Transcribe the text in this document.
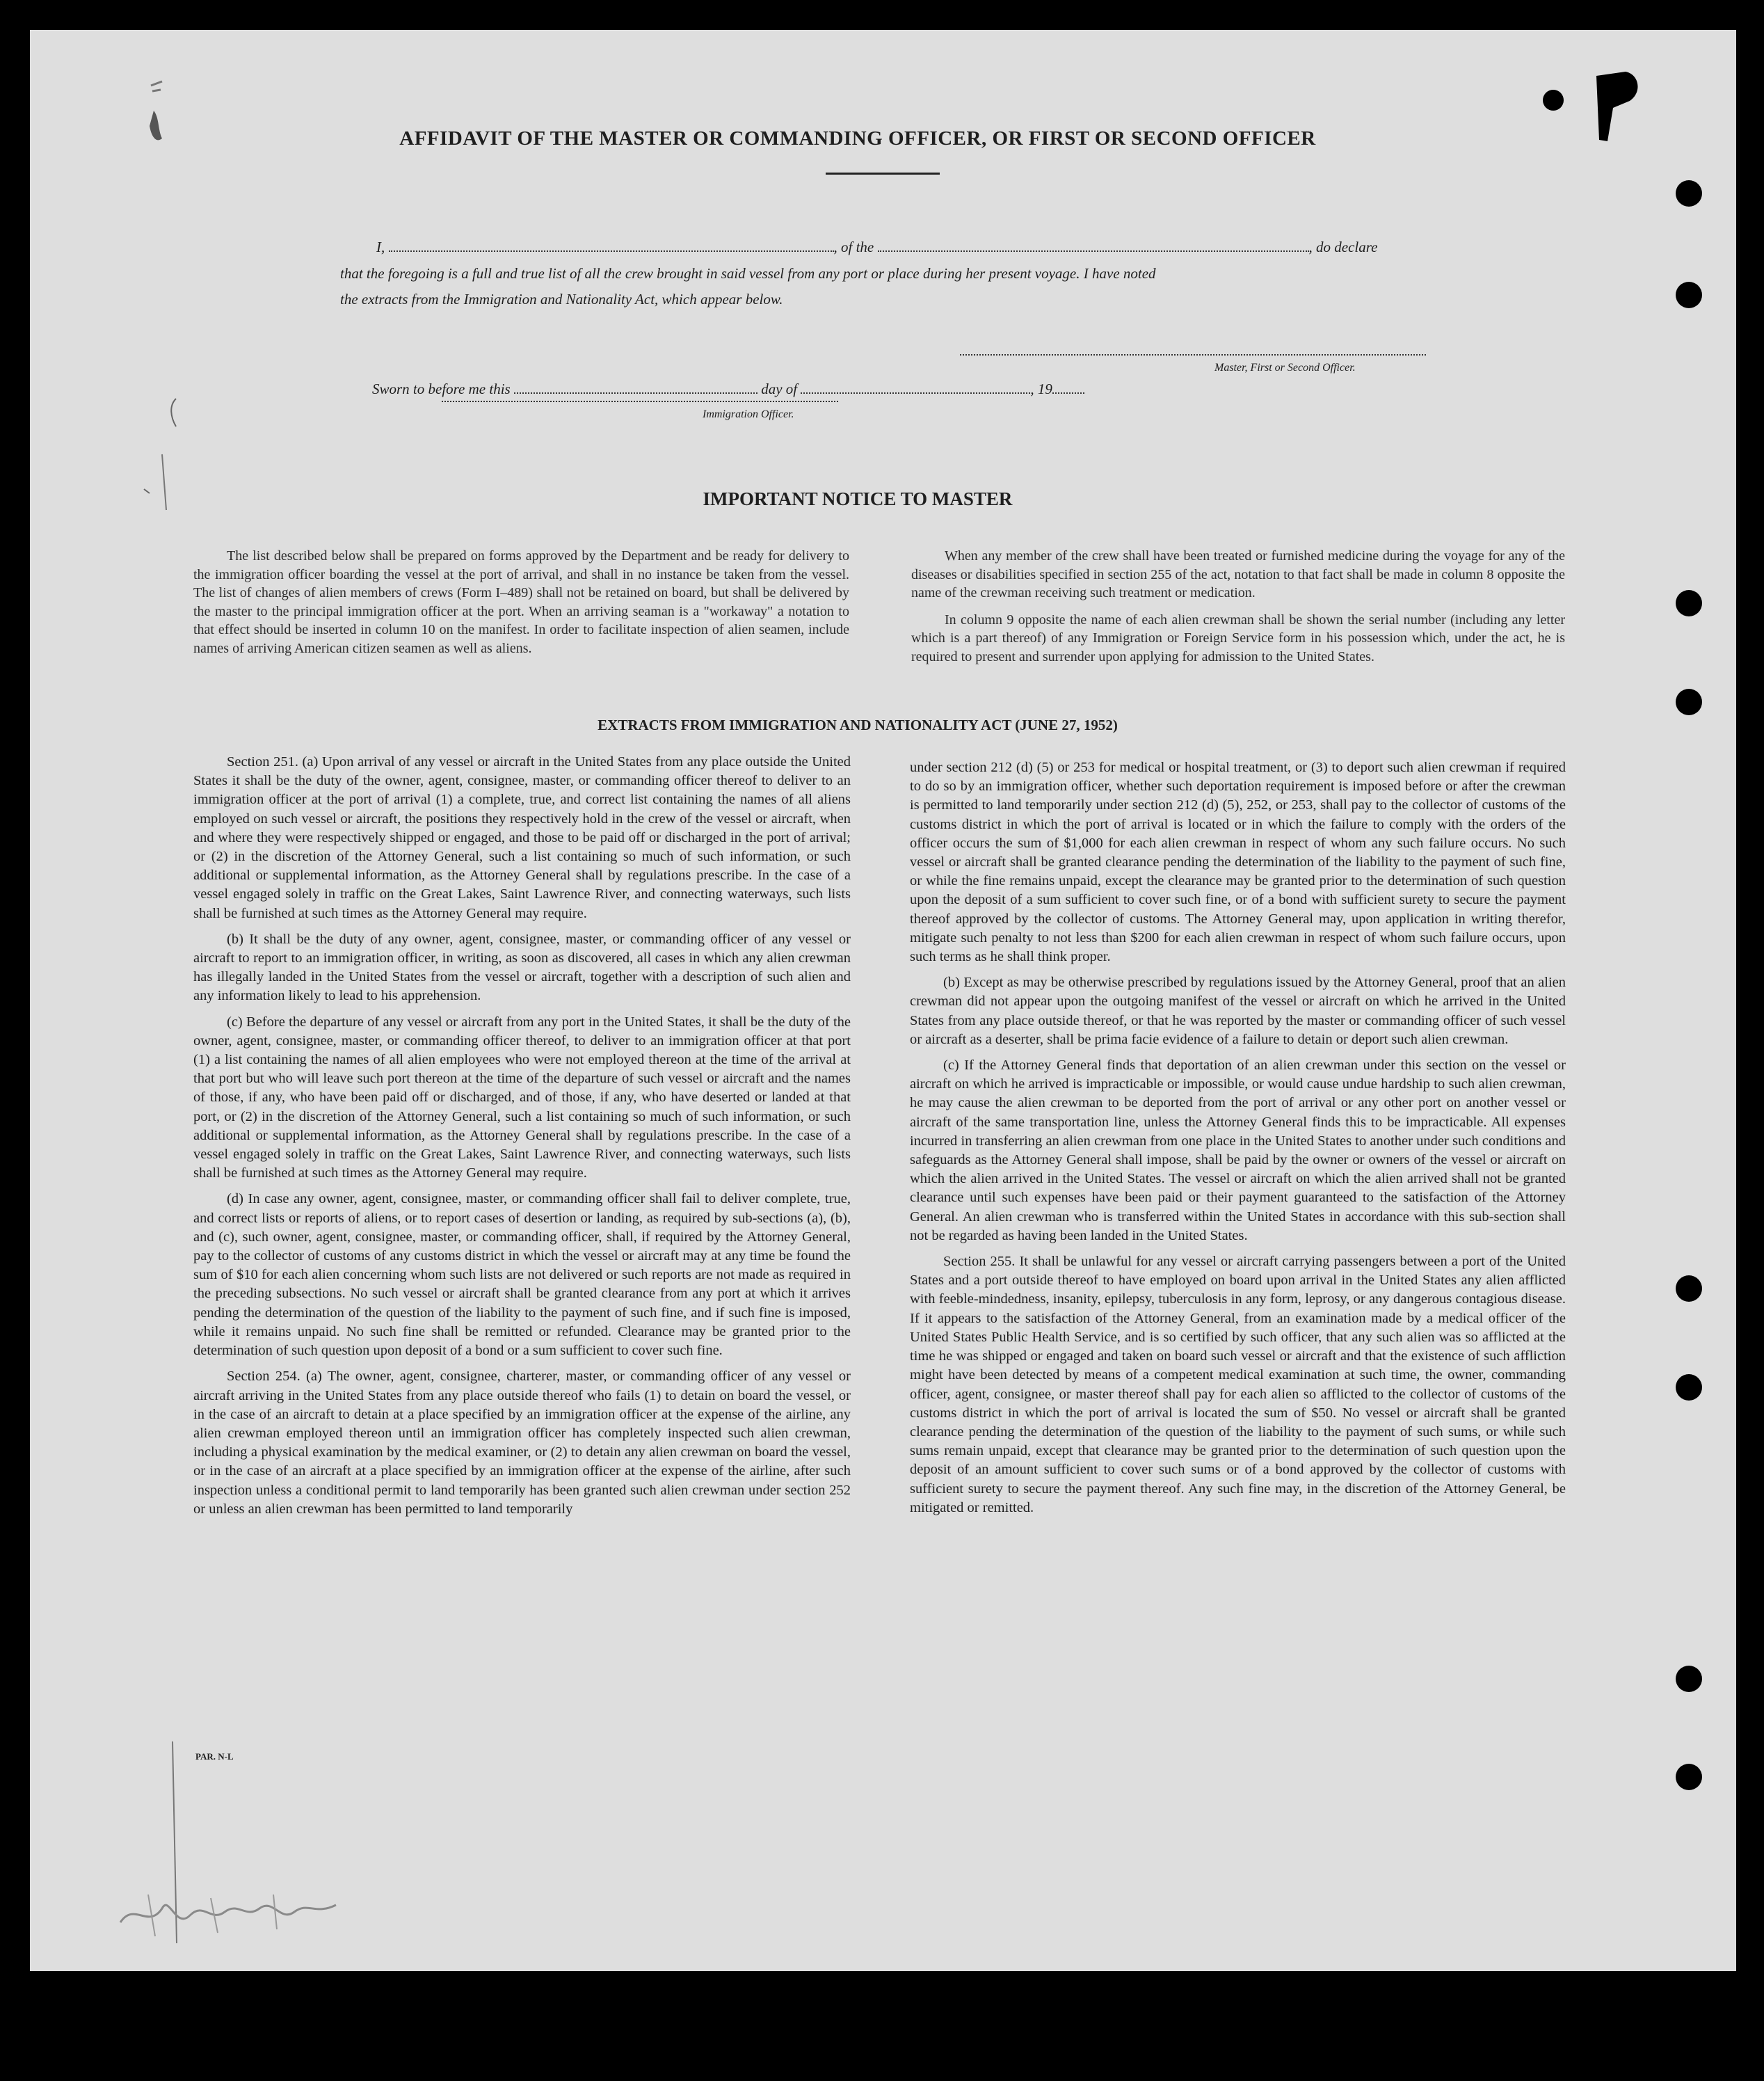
AFFIDAVIT OF THE MASTER OR COMMANDING OFFICER, OR FIRST OR SECOND OFFICER
I,	, of the	, do declare
that the foregoing is a full and true list of all the crew brought in said vessel from any port or place during her present voyage. I have noted
the extracts from the Immigration and Nationality Act, which appear below.
Master, First or Second Officer.
Sworn to before me this	day of	, 19
Immigration Officer.
IMPORTANT NOTICE TO MASTER

The list described below shall be prepared on forms approved by the Department and be ready for delivery to the immigration officer boarding the vessel at the port of arrival, and shall in no instance be taken from the vessel. The list of changes of alien members of crews (Form I–489) shall not be retained on board, but shall be delivered by the master to the principal immigration officer at the port. When an arriving seaman is a "workaway" a notation to that effect should be inserted in column 10 on the manifest. In order to facilitate inspection of alien seamen, include names of arriving American citizen seamen as well as aliens.

When any member of the crew shall have been treated or furnished medicine during the voyage for any of the diseases or disabilities specified in section 255 of the act, notation to that fact shall be made in column 8 opposite the name of the crewman receiving such treatment or medication.

In column 9 opposite the name of each alien crewman shall be shown the serial number (including any letter which is a part thereof) of any Immigration or Foreign Service form in his possession which, under the act, he is required to present and surrender upon applying for admission to the United States.

EXTRACTS FROM IMMIGRATION AND NATIONALITY ACT (JUNE 27, 1952)

Section 251. (a) Upon arrival of any vessel or aircraft in the United States from any place outside the United States it shall be the duty of the owner, agent, consignee, master, or commanding officer thereof to deliver to an immigration officer at the port of arrival (1) a complete, true, and correct list containing the names of all aliens employed on such vessel or aircraft, the positions they respectively hold in the crew of the vessel or aircraft, when and where they were respectively shipped or engaged, and those to be paid off or discharged in the port of arrival; or (2) in the discretion of the Attorney General, such a list containing so much of such information, or such additional or supplemental information, as the Attorney General shall by regulations prescribe. In the case of a vessel engaged solely in traffic on the Great Lakes, Saint Lawrence River, and connecting waterways, such lists shall be furnished at such times as the Attorney General may require.

(b) It shall be the duty of any owner, agent, consignee, master, or commanding officer of any vessel or aircraft to report to an immigration officer, in writing, as soon as discovered, all cases in which any alien crewman has illegally landed in the United States from the vessel or aircraft, together with a description of such alien and any information likely to lead to his apprehension.

(c) Before the departure of any vessel or aircraft from any port in the United States, it shall be the duty of the owner, agent, consignee, master, or commanding officer thereof, to deliver to an immigration officer at that port (1) a list containing the names of all alien employees who were not employed thereon at the time of the arrival at that port but who will leave such port thereon at the time of the departure of such vessel or aircraft and the names of those, if any, who have been paid off or discharged, and of those, if any, who have deserted or landed at that port, or (2) in the discretion of the Attorney General, such a list containing so much of such information, or such additional or supplemental information, as the Attorney General shall by regulations prescribe. In the case of a vessel engaged solely in traffic on the Great Lakes, Saint Lawrence River, and connecting waterways, such lists shall be furnished at such times as the Attorney General may require.

(d) In case any owner, agent, consignee, master, or commanding officer shall fail to deliver complete, true, and correct lists or reports of aliens, or to report cases of desertion or landing, as required by sub-sections (a), (b), and (c), such owner, agent, consignee, master, or commanding officer, shall, if required by the Attorney General, pay to the collector of customs of any customs district in which the vessel or aircraft may at any time be found the sum of $10 for each alien concerning whom such lists are not delivered or such reports are not made as required in the preceding subsections. No such vessel or aircraft shall be granted clearance from any port at which it arrives pending the determination of the question of the liability to the payment of such fine, and if such fine is imposed, while it remains unpaid. No such fine shall be remitted or refunded. Clearance may be granted prior to the determination of such question upon deposit of a bond or a sum sufficient to cover such fine.

Section 254. (a) The owner, agent, consignee, charterer, master, or commanding officer of any vessel or aircraft arriving in the United States from any place outside thereof who fails (1) to detain on board the vessel, or in the case of an aircraft to detain at a place specified by an immigration officer at the expense of the airline, any alien crewman employed thereon until an immigration officer has completely inspected such alien crewman, including a physical examination by the medical examiner, or (2) to detain any alien crewman on board the vessel, or in the case of an aircraft at a place specified by an immigration officer at the expense of the airline, after such inspection unless a conditional permit to land temporarily has been granted such alien crewman under section 252 or unless an alien crewman has been permitted to land temporarily

under section 212 (d) (5) or 253 for medical or hospital treatment, or (3) to deport such alien crewman if required to do so by an immigration officer, whether such deportation requirement is imposed before or after the crewman is permitted to land temporarily under section 212 (d) (5), 252, or 253, shall pay to the collector of customs of the customs district in which the port of arrival is located or in which the failure to comply with the orders of the officer occurs the sum of $1,000 for each alien crewman in respect of whom any such failure occurs. No such vessel or aircraft shall be granted clearance pending the determination of the liability to the payment of such fine, or while the fine remains unpaid, except the clearance may be granted prior to the determination of such question upon the deposit of a sum sufficient to cover such fine, or of a bond with sufficient surety to secure the payment thereof approved by the collector of customs. The Attorney General may, upon application in writing therefor, mitigate such penalty to not less than $200 for each alien crewman in respect of whom such failure occurs, upon such terms as he shall think proper.

(b) Except as may be otherwise prescribed by regulations issued by the Attorney General, proof that an alien crewman did not appear upon the outgoing manifest of the vessel or aircraft on which he arrived in the United States from any place outside thereof, or that he was reported by the master or commanding officer of such vessel or aircraft as a deserter, shall be prima facie evidence of a failure to detain or deport such alien crewman.

(c) If the Attorney General finds that deportation of an alien crewman under this section on the vessel or aircraft on which he arrived is impracticable or impossible, or would cause undue hardship to such alien crewman, he may cause the alien crewman to be deported from the port of arrival or any other port on another vessel or aircraft of the same transportation line, unless the Attorney General finds this to be impracticable. All expenses incurred in transferring an alien crewman from one place in the United States to another under such conditions and safeguards as the Attorney General shall impose, shall be paid by the owner or owners of the vessel or aircraft on which the alien arrived in the United States. The vessel or aircraft on which the alien arrived shall not be granted clearance until such expenses have been paid or their payment guaranteed to the satisfaction of the Attorney General. An alien crewman who is transferred within the United States in accordance with this sub-section shall not be regarded as having been landed in the United States.

Section 255. It shall be unlawful for any vessel or aircraft carrying passengers between a port of the United States and a port outside thereof to have employed on board upon arrival in the United States any alien afflicted with feeble-mindedness, insanity, epilepsy, tuberculosis in any form, leprosy, or any dangerous contagious disease. If it appears to the satisfaction of the Attorney General, from an examination made by a medical officer of the United States Public Health Service, and is so certified by such officer, that any such alien was so afflicted at the time he was shipped or engaged and taken on board such vessel or aircraft and that the existence of such affliction might have been detected by means of a competent medical examination at such time, the owner, commanding officer, agent, consignee, or master thereof shall pay for each alien so afflicted to the collector of customs of the customs district in which the port of arrival is located the sum of $50. No vessel or aircraft shall be granted clearance pending the determination of the question of the liability to the payment of such sums, or while such sums remain unpaid, except that clearance may be granted prior to the determination of such question upon the deposit of an amount sufficient to cover such sums or of a bond approved by the collector of customs with sufficient surety to secure the payment thereof. Any such fine may, in the discretion of the Attorney General, be mitigated or remitted.

PAR. N-L
